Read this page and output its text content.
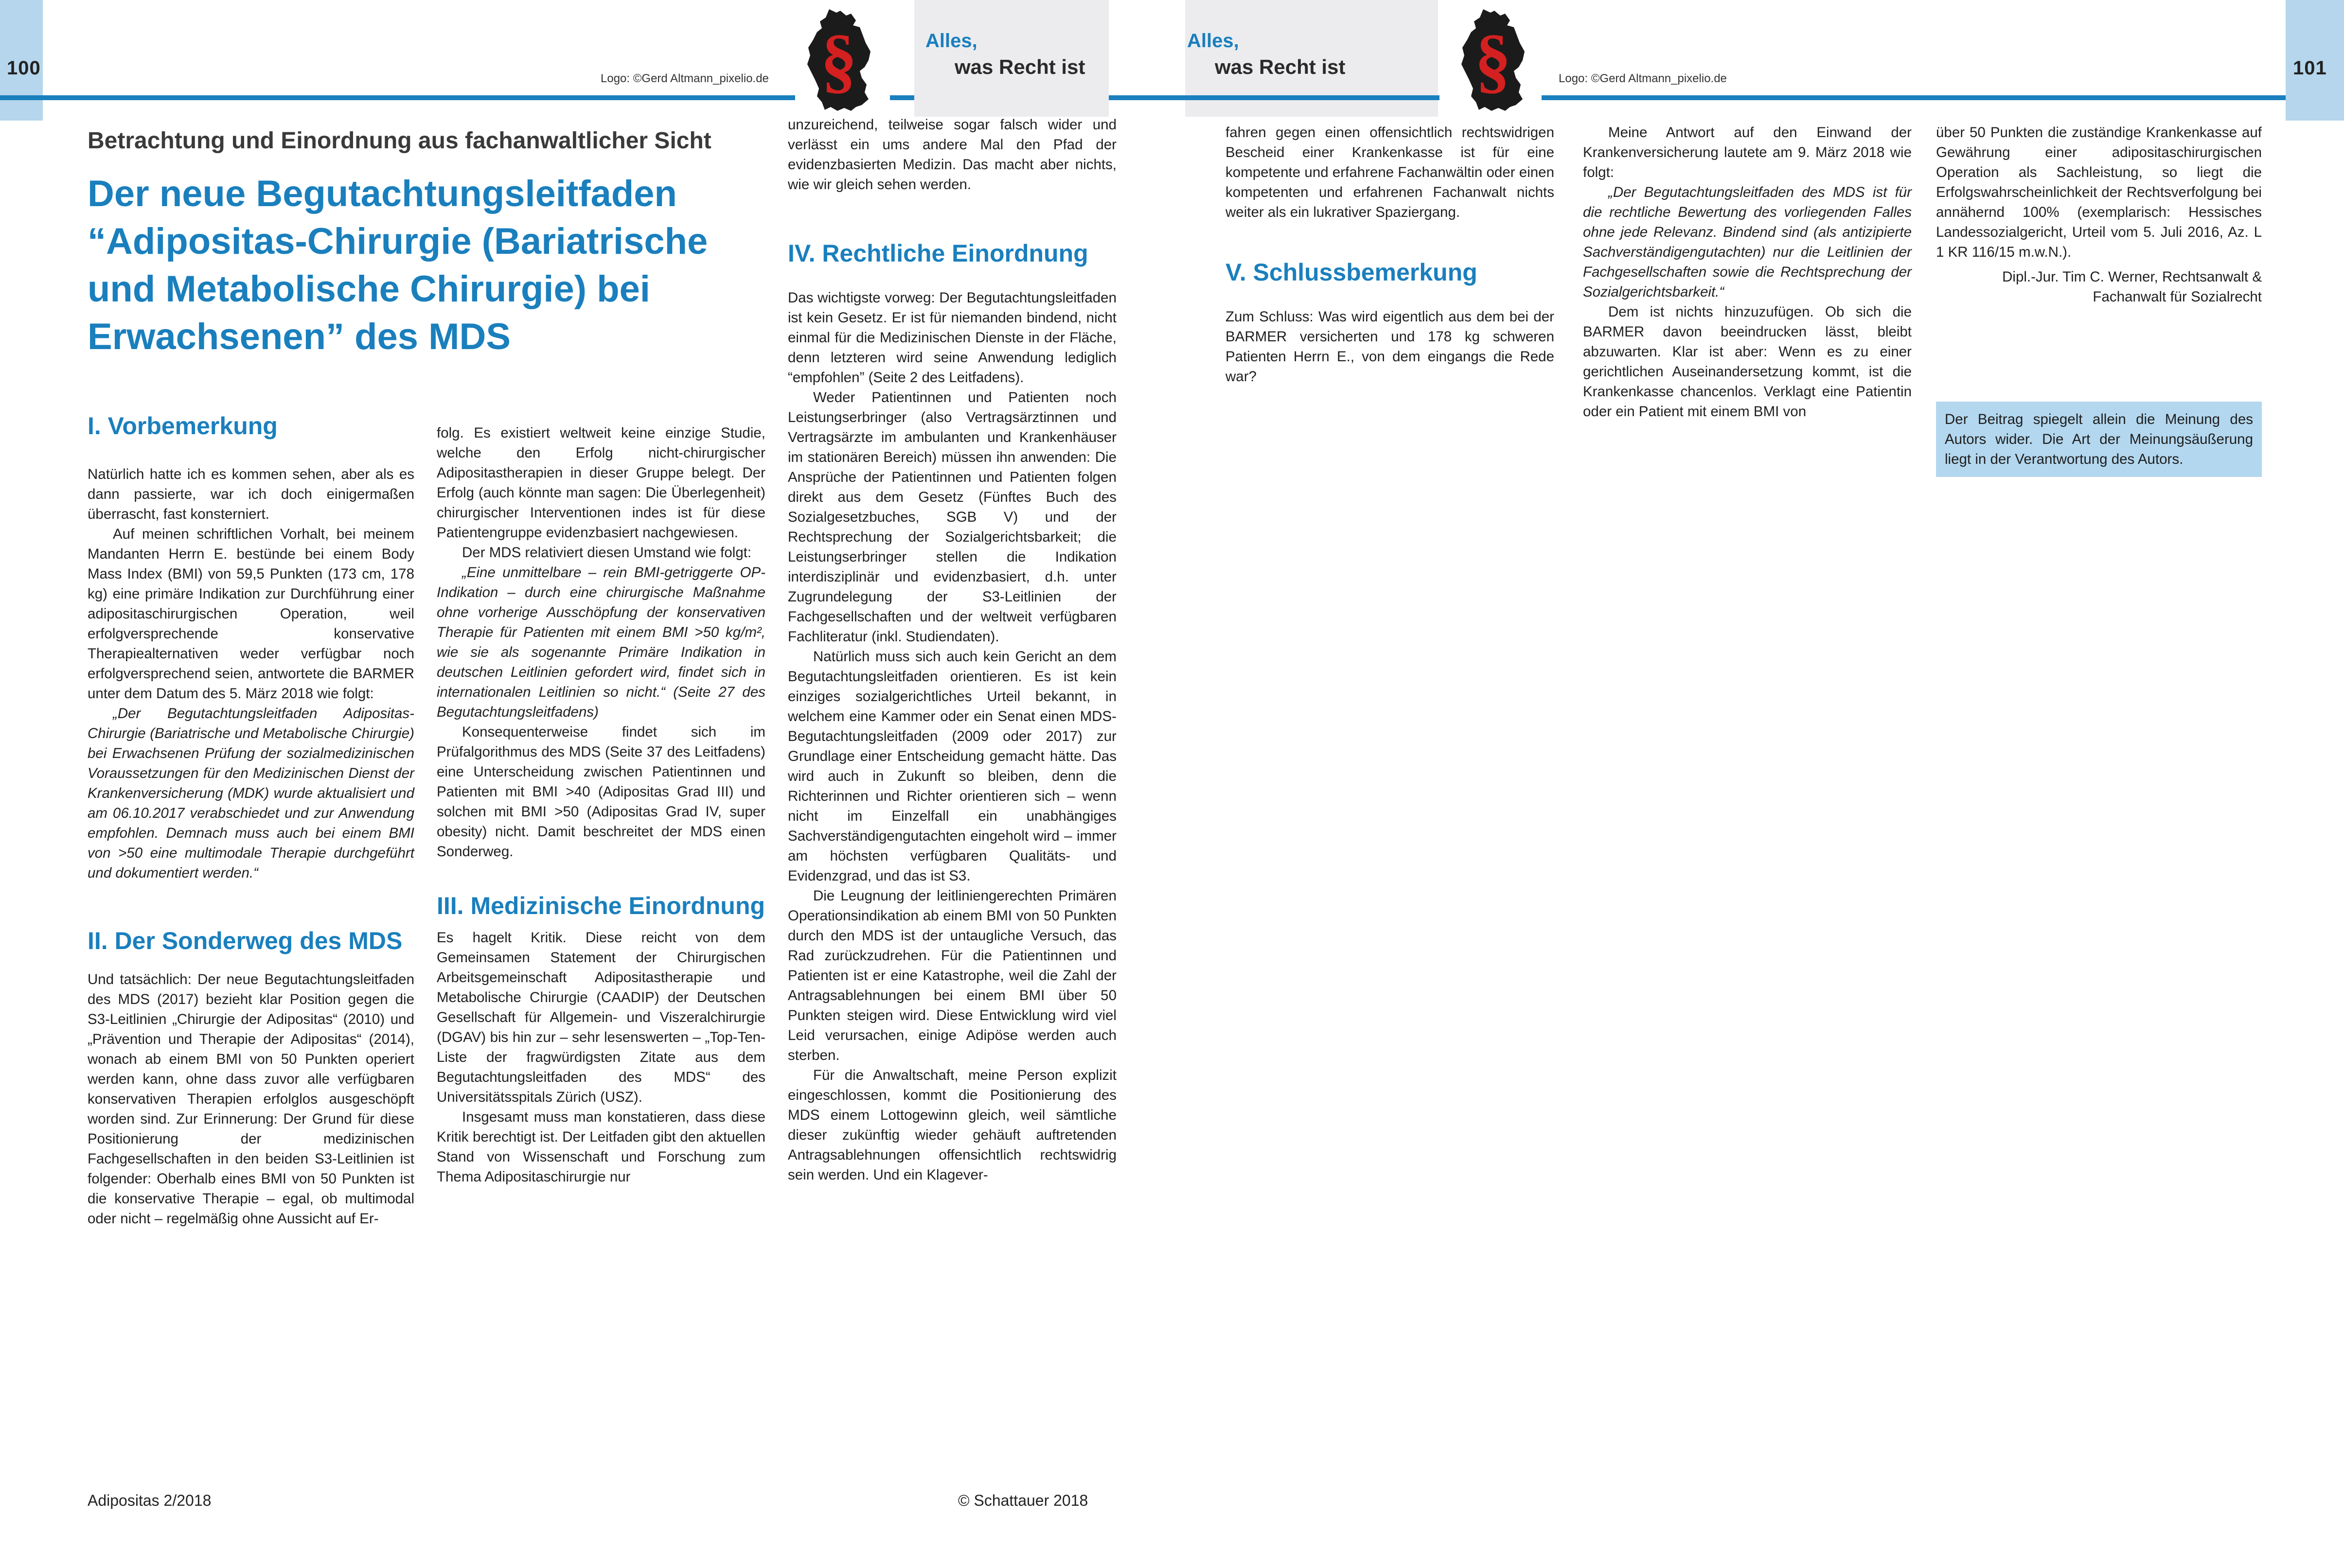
100	Logo: ©Gerd Altmann_pixelio.de §	Alles,
was Recht ist
Betrachtung und Einordnung aus fachanwaltlicher Sicht
Der neue Begutachtungsleitfaden “Adipositas-Chirurgie (Bariatrische und Metabolische Chirurgie) bei Erwachsenen” des MDS
I. Vorbemerkung

Natürlich hatte ich es kommen sehen, aber als es dann passierte, war ich doch einigermaßen überrascht, fast konsterniert.

Auf meinen schriftlichen Vorhalt, bei meinem Mandanten Herrn E. bestünde bei einem Body Mass Index (BMI) von 59,5 Punkten (173 cm, 178 kg) eine primäre Indikation zur Durchführung einer adipositaschirurgischen Operation, weil erfolgversprechende konservative Therapiealternativen weder verfügbar noch erfolgversprechend seien, antwortete die BARMER unter dem Datum des 5. März 2018 wie folgt:

„Der Begutachtungsleitfaden Adipositas-Chirurgie (Bariatrische und Metabolische Chirurgie) bei Erwachsenen Prüfung der sozialmedizinischen Voraussetzungen für den Medizinischen Dienst der Krankenversicherung (MDK) wurde aktualisiert und am 06.10.2017 verabschiedet und zur Anwendung empfohlen. Demnach muss auch bei einem BMI von >50 eine multimodale Therapie durchgeführt und dokumentiert werden.“

II. Der Sonderweg des MDS

Und tatsächlich: Der neue Begutachtungsleitfaden des MDS (2017) bezieht klar Position gegen die S3-Leitlinien „Chirurgie der Adipositas“ (2010) und „Prävention und Therapie der Adipositas“ (2014), wonach ab einem BMI von 50 Punkten operiert werden kann, ohne dass zuvor alle verfügbaren konservativen Therapien erfolglos ausgeschöpft worden sind. Zur Erinnerung: Der Grund für diese Positionierung der medizinischen Fachgesellschaften in den beiden S3-Leitlinien ist folgender: Oberhalb eines BMI von 50 Punkten ist die konservative Therapie – egal, ob multimodal oder nicht – regelmäßig ohne Aussicht auf Er-

folg. Es existiert weltweit keine einzige Studie, welche den Erfolg nicht-chirurgischer Adipositastherapien in dieser Gruppe belegt. Der Erfolg (auch könnte man sagen: Die Überlegenheit) chirurgischer Interventionen indes ist für diese Patientengruppe evidenzbasiert nachgewiesen.

Der MDS relativiert diesen Umstand wie folgt:

„Eine unmittelbare – rein BMI-getriggerte OP-Indikation – durch eine chirurgische Maßnahme ohne vorherige Ausschöpfung der konservativen Therapie für Patienten mit einem BMI >50 kg/m², wie sie als sogenannte Primäre Indikation in deutschen Leitlinien gefordert wird, findet sich in internationalen Leitlinien so nicht.“ (Seite 27 des Begutachtungsleitfadens)

Konsequenterweise findet sich im Prüfalgorithmus des MDS (Seite 37 des Leitfadens) eine Unterscheidung zwischen Patientinnen und Patienten mit BMI >40 (Adipositas Grad III) und solchen mit BMI >50 (Adipositas Grad IV, super obesity) nicht. Damit beschreitet der MDS einen Sonderweg.

III. Medizinische Einordnung

Es hagelt Kritik. Diese reicht von dem Gemeinsamen Statement der Chirurgischen Arbeitsgemeinschaft Adipositastherapie und Metabolische Chirurgie (CAADIP) der Deutschen Gesellschaft für Allgemein- und Viszeralchirurgie (DGAV) bis hin zur – sehr lesenswerten – „Top-Ten-Liste der fragwürdigsten Zitate aus dem Begutachtungsleitfaden des MDS“ des Universitätsspitals Zürich (USZ).

Insgesamt muss man konstatieren, dass diese Kritik berechtigt ist. Der Leitfaden gibt den aktuellen Stand von Wissenschaft und Forschung zum Thema Adipositaschirurgie nur

unzureichend, teilweise sogar falsch wider und verlässt ein ums andere Mal den Pfad der evidenzbasierten Medizin. Das macht aber nichts, wie wir gleich sehen werden.

IV. Rechtliche Einordnung

Das wichtigste vorweg: Der Begutachtungsleitfaden ist kein Gesetz. Er ist für niemanden bindend, nicht einmal für die Medizinischen Dienste in der Fläche, denn letzteren wird seine Anwendung lediglich “empfohlen” (Seite 2 des Leitfadens).

Weder Patientinnen und Patienten noch Leistungserbringer (also Vertragsärztinnen und Vertragsärzte im ambulanten und Krankenhäuser im stationären Bereich) müssen ihn anwenden: Die Ansprüche der Patientinnen und Patienten folgen direkt aus dem Gesetz (Fünftes Buch des Sozialgesetzbuches, SGB V) und der Rechtsprechung der Sozialgerichtsbarkeit; die Leistungserbringer stellen die Indikation interdisziplinär und evidenzbasiert, d.h. unter Zugrundelegung der S3-Leitlinien der Fachgesellschaften und der weltweit verfügbaren Fachliteratur (inkl. Studiendaten).

Natürlich muss sich auch kein Gericht an dem Begutachtungsleitfaden orientieren. Es ist kein einziges sozialgerichtliches Urteil bekannt, in welchem eine Kammer oder ein Senat einen MDS-Begutachtungsleitfaden (2009 oder 2017) zur Grundlage einer Entscheidung gemacht hätte. Das wird auch in Zukunft so bleiben, denn die Richterinnen und Richter orientieren sich – wenn nicht im Einzelfall ein unabhängiges Sachverständigengutachten eingeholt wird – immer am höchsten verfügbaren Qualitäts- und Evidenzgrad, und das ist S3.

Die Leugnung der leitliniengerechten Primären Operationsindikation ab einem BMI von 50 Punkten durch den MDS ist der untaugliche Versuch, das Rad zurückzudrehen. Für die Patientinnen und Patienten ist er eine Katastrophe, weil die Zahl der Antragsablehnungen bei einem BMI über 50 Punkten steigen wird. Diese Entwicklung wird viel Leid verursachen, einige Adipöse werden auch sterben.

Für die Anwaltschaft, meine Person explizit eingeschlossen, kommt die Positionierung des MDS einem Lottogewinn gleich, weil sämtliche dieser zukünftig wieder gehäuft auftretenden Antragsablehnungen offensichtlich rechtswidrig sein werden. Und ein Klagever-

Adipositas 2/2018	© Schattauer 2018
Alles,
was Recht ist §	Logo: ©Gerd Altmann_pixelio.de	101

fahren gegen einen offensichtlich rechtswidrigen Bescheid einer Krankenkasse ist für eine kompetente und erfahrene Fachanwältin oder einen kompetenten und erfahrenen Fachanwalt nichts weiter als ein lukrativer Spaziergang.

V. Schlussbemerkung

Zum Schluss: Was wird eigentlich aus dem bei der BARMER versicherten und 178 kg schweren Patienten Herrn E., von dem eingangs die Rede war?

Meine Antwort auf den Einwand der Krankenversicherung lautete am 9. März 2018 wie folgt:

„Der Begutachtungsleitfaden des MDS ist für die rechtliche Bewertung des vorliegenden Falles ohne jede Relevanz. Bindend sind (als antizipierte Sachverständigengutachten) nur die Leitlinien der Fachgesellschaften sowie die Rechtsprechung der Sozialgerichtsbarkeit.“

Dem ist nichts hinzuzufügen. Ob sich die BARMER davon beeindrucken lässt, bleibt abzuwarten. Klar ist aber: Wenn es zu einer gerichtlichen Auseinandersetzung kommt, ist die Krankenkasse chancenlos. Verklagt eine Patientin oder ein Patient mit einem BMI von

über 50 Punkten die zuständige Krankenkasse auf Gewährung einer adipositaschirurgischen Operation als Sachleistung, so liegt die Erfolgswahrscheinlichkeit der Rechtsverfolgung bei annähernd 100% (exemplarisch: Hessisches Landessozialgericht, Urteil vom 5. Juli 2016, Az. L 1 KR 116/15 m.w.N.).

Dipl.-Jur. Tim C. Werner, Rechtsanwalt &

Fachanwalt für Sozialrecht

Der Beitrag spiegelt allein die Meinung des Autors wider. Die Art der Meinungsäußerung liegt in der Verantwortung des Autors.
